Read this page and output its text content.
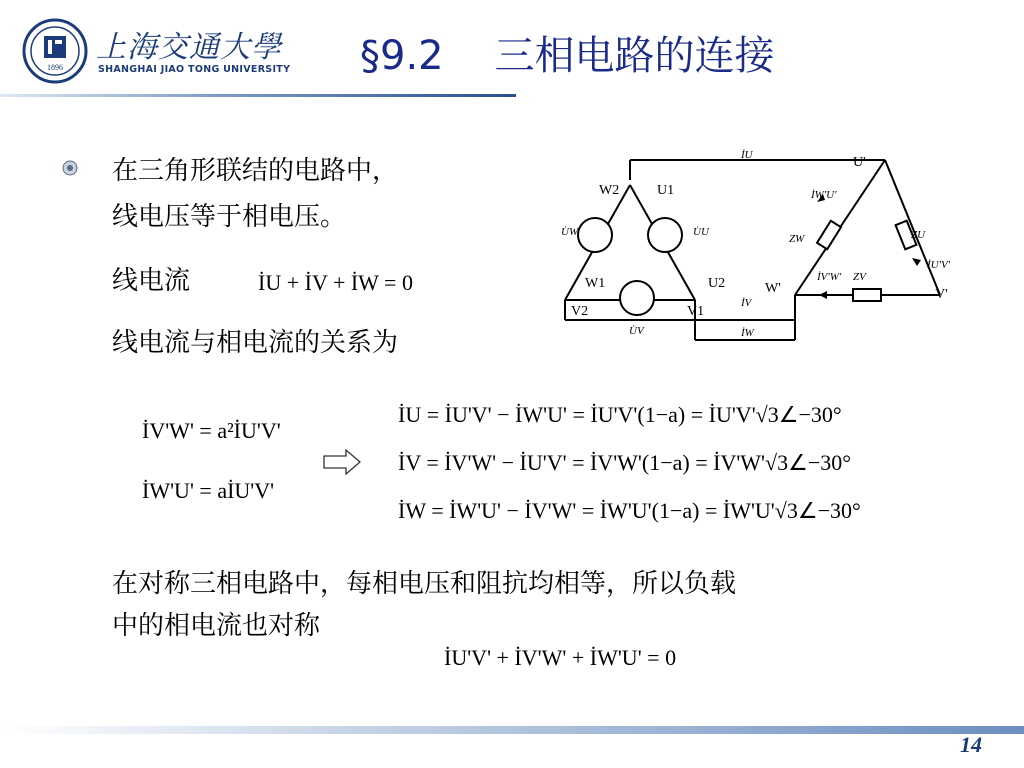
1896
上海交通大學
SHANGHAI JIAO TONG UNIVERSITY §9.2    三相电路的连接
在三角形联结的电路中，
线电压等于相电压。
线电流
线电流与相电流的关系为
在对称三相电路中，每相电压和阻抗均相等，所以负载
中的相电流也对称
İU + İV + İW = 0
İV'W' = a²İU'V'
İW'U' = aİU'V'
İU = İU'V' − İW'U' = İU'V'(1−a) = İU'V'√3∠−30°
İV = İV'W' − İU'V' = İV'W'(1−a) = İV'W'√3∠−30°
İW = İW'U' − İV'W' = İW'U'(1−a) = İW'U'√3∠−30°
İU'V' + İV'W' + İW'U' = 0
W2	U1
W1	U2
V2	V1
U'
V'
W'
U̇W	U̇U
U̇V
ZW	ZU
ZV
İU
İV
İW
İW'U'
İU'V'
İV'W'
14
